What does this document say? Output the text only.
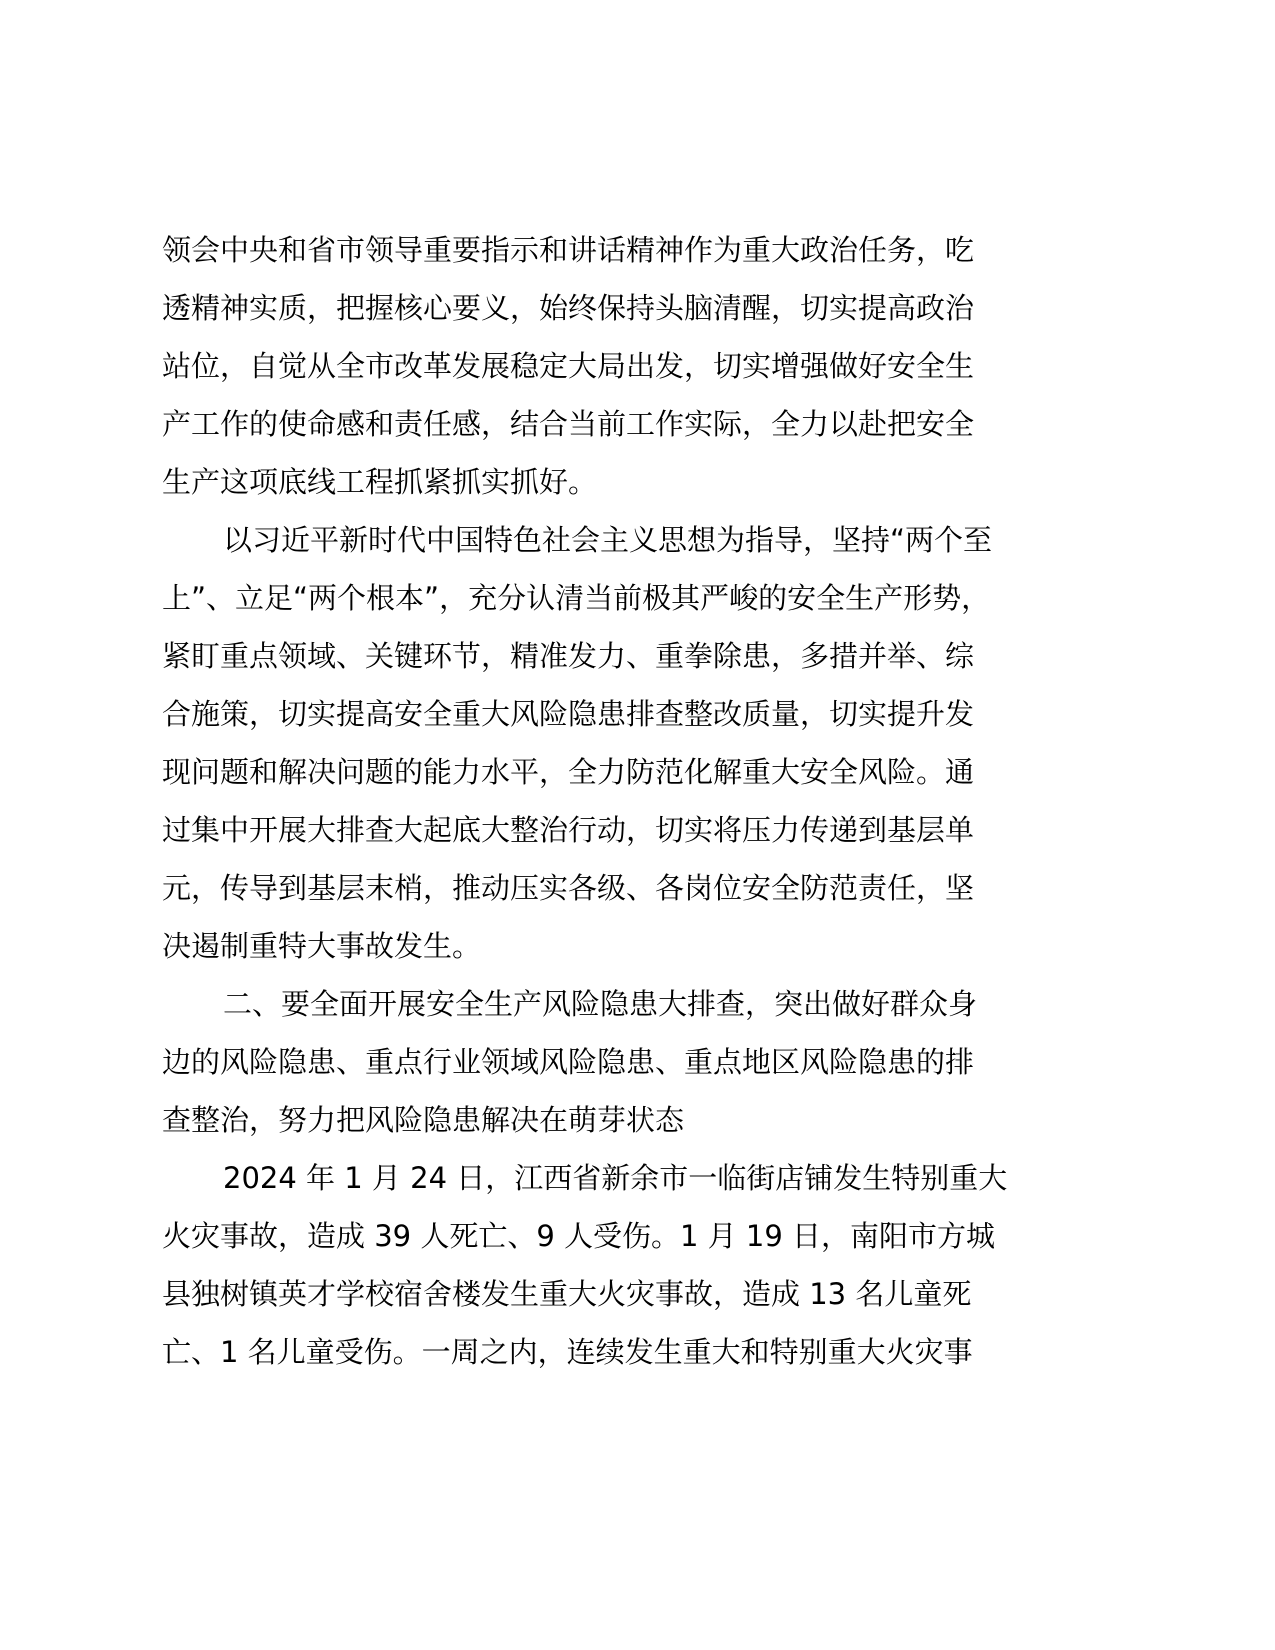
领会中央和省市领导重要指示和讲话精神作为重大政治任务，吃
透精神实质，把握核心要义，始终保持头脑清醒，切实提高政治
站位，自觉从全市改革发展稳定大局出发，切实增强做好安全生
产工作的使命感和责任感，结合当前工作实际，全力以赴把安全
生产这项底线工程抓紧抓实抓好。
以习近平新时代中国特色社会主义思想为指导，坚持“两个至
上”、立足“两个根本”，充分认清当前极其严峻的安全生产形势，
紧盯重点领域、关键环节，精准发力、重拳除患，多措并举、综
合施策，切实提高安全重大风险隐患排查整改质量，切实提升发
现问题和解决问题的能力水平，全力防范化解重大安全风险。通
过集中开展大排查大起底大整治行动，切实将压力传递到基层单
元，传导到基层末梢，推动压实各级、各岗位安全防范责任，坚
决遏制重特大事故发生。
二、要全面开展安全生产风险隐患大排查，突出做好群众身
边的风险隐患、重点行业领域风险隐患、重点地区风险隐患的排
查整治，努力把风险隐患解决在萌芽状态
2024 年 1 月 24 日，江西省新余市一临街店铺发生特别重大
火灾事故，造成 39 人死亡、9 人受伤。1 月 19 日，南阳市方城
县独树镇英才学校宿舍楼发生重大火灾事故，造成 13 名儿童死
亡、1 名儿童受伤。一周之内，连续发生重大和特别重大火灾事
